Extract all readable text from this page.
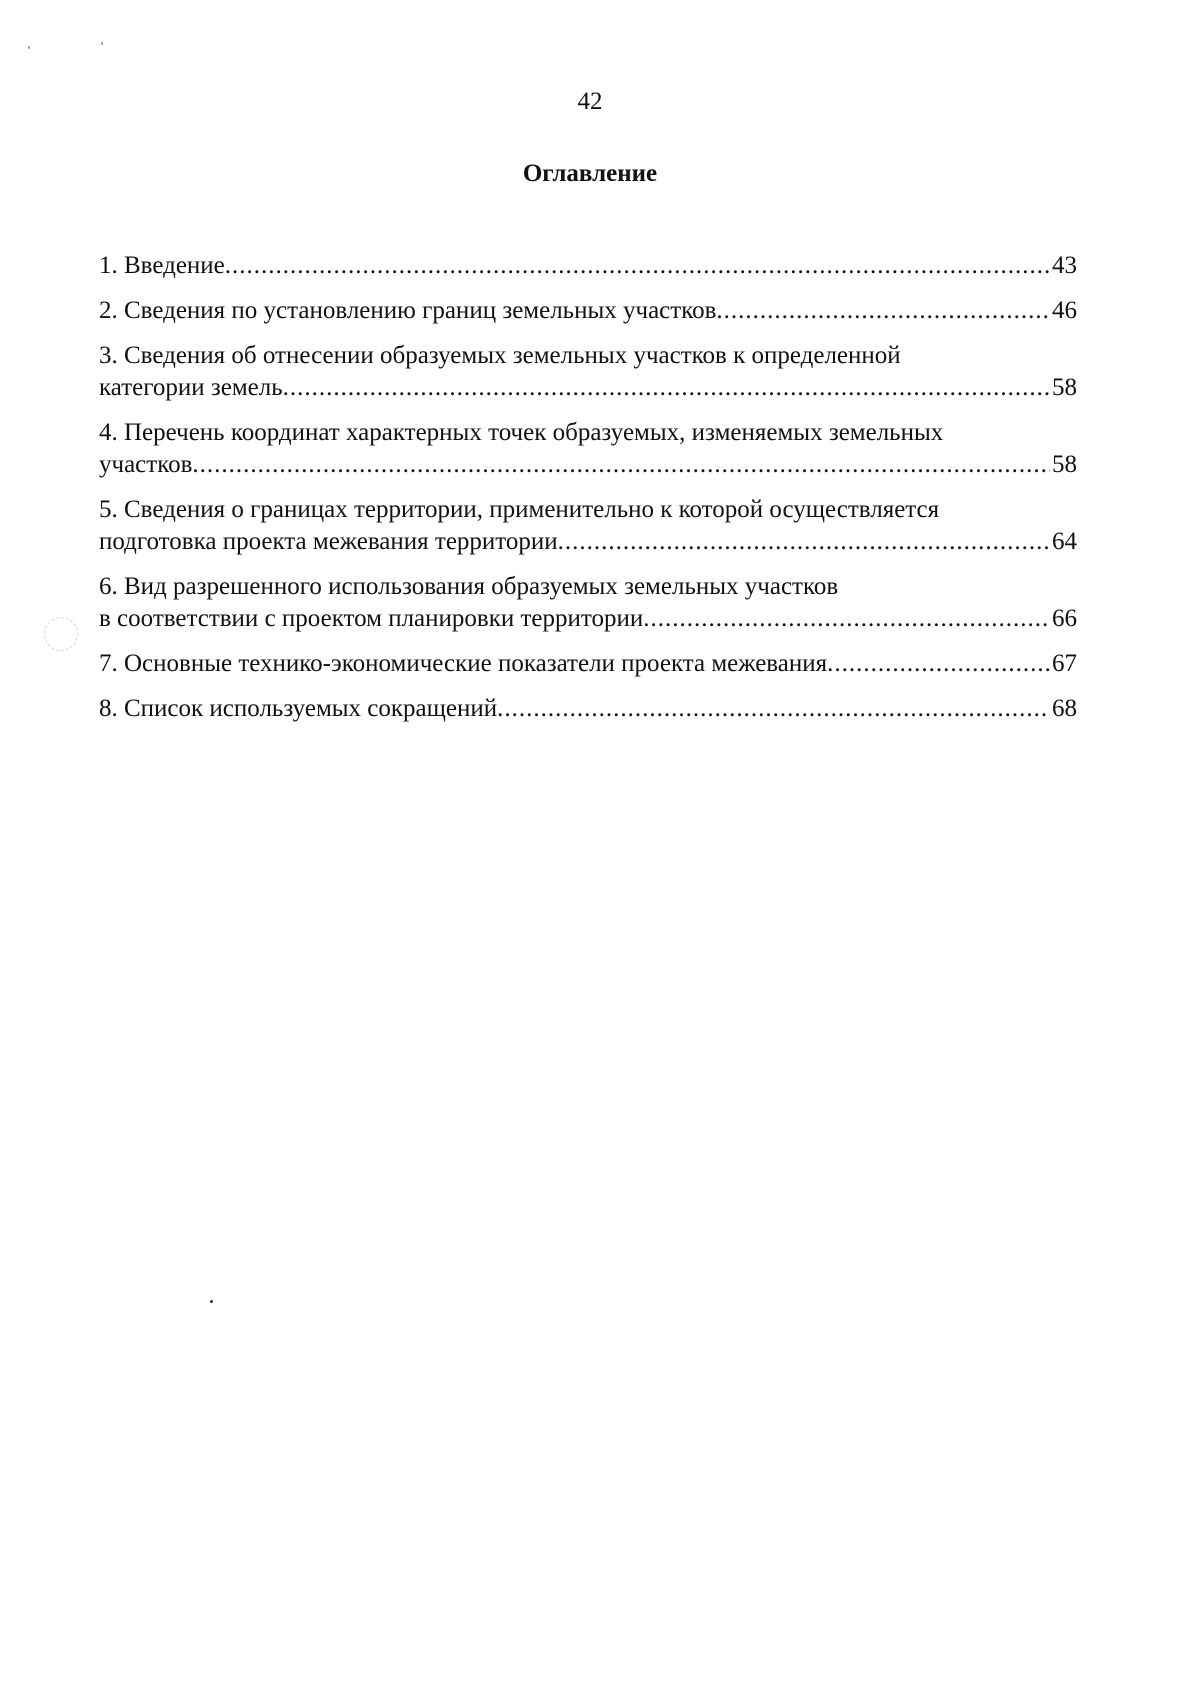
42
Оглавление
1. Введение .....	43
2. Сведения по установлению границ земельных участков .....	46
3. Сведения об отнесении образуемых земельных участков к определенной
категории земель .....	58
4. Перечень координат характерных точек образуемых, изменяемых земельных
участков .....	58
5. Сведения о границах территории, применительно к которой осуществляется
подготовка проекта межевания территории .....	64
6. Вид разрешенного использования образуемых земельных участков
в соответствии с проектом планировки территории .....	66
7. Основные технико-экономические показатели проекта межевания .....	67
8. Список используемых сокращений .....	68
